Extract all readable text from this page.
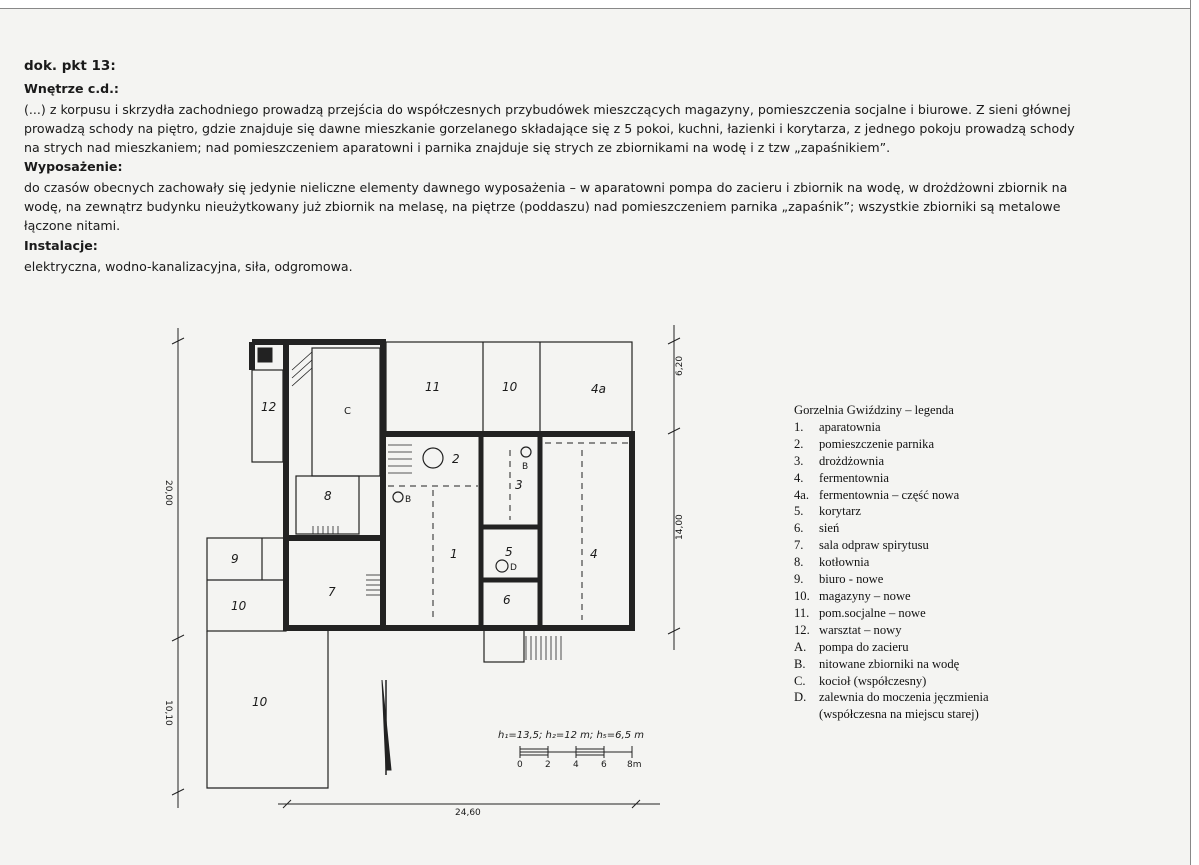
dok. pkt 13:
Wnętrze c.d.:
(...) z korpusu i skrzydła zachodniego prowadzą przejścia do współczesnych przybudówek mieszczących magazyny, pomieszczenia socjalne i biurowe. Z sieni głównej
prowadzą schody na piętro, gdzie znajduje się dawne mieszkanie gorzelanego składające się z 5 pokoi, kuchni, łazienki i korytarza, z jednego pokoju prowadzą schody
na strych nad mieszkaniem; nad pomieszczeniem aparatowni i parnika znajduje się strych ze zbiornikami na wodę i z tzw „zapaśnikiem”.
Wyposażenie:
do czasów obecnych zachowały się jedynie nieliczne elementy dawnego wyposażenia – w aparatowni pompa do zacieru i zbiornik na wodę, w drożdżowni zbiornik na
wodę, na zewnątrz budynku nieużytkowany już zbiornik na melasę, na piętrze (poddaszu) nad pomieszczeniem parnika „zapaśnik”; wszystkie zbiorniki są metalowe
łączone nitami.
Instalacje:
elektryczna, wodno-kanalizacyjna, siła, odgromowa.
12	C
11	10	4a
2
3
8	B
B
1	5	4
9
7
D
6
10
10
20,00
10,10
6,20
14,00
24,60
h₁=13,5; h₂=12 m; h₅=6,5 m
0 2 4 6 8m
Gorzelnia Gwiździny – legenda
1.	aparatownia
2.	pomieszczenie parnika
3.	drożdżownia
4.	fermentownia
4a. fermentownia – część nowa
5.	korytarz
6.	sień
7.	sala odpraw spirytusu
8.	kotłownia
9.	biuro - nowe
10. magazyny – nowe
11. pom.socjalne – nowe
12. warsztat – nowy
A.	pompa do zacieru
B.	nitowane zbiorniki na wodę
C.	kocioł (współczesny)
D.	zalewnia do moczenia jęczmienia
(współczesna na miejscu starej)
